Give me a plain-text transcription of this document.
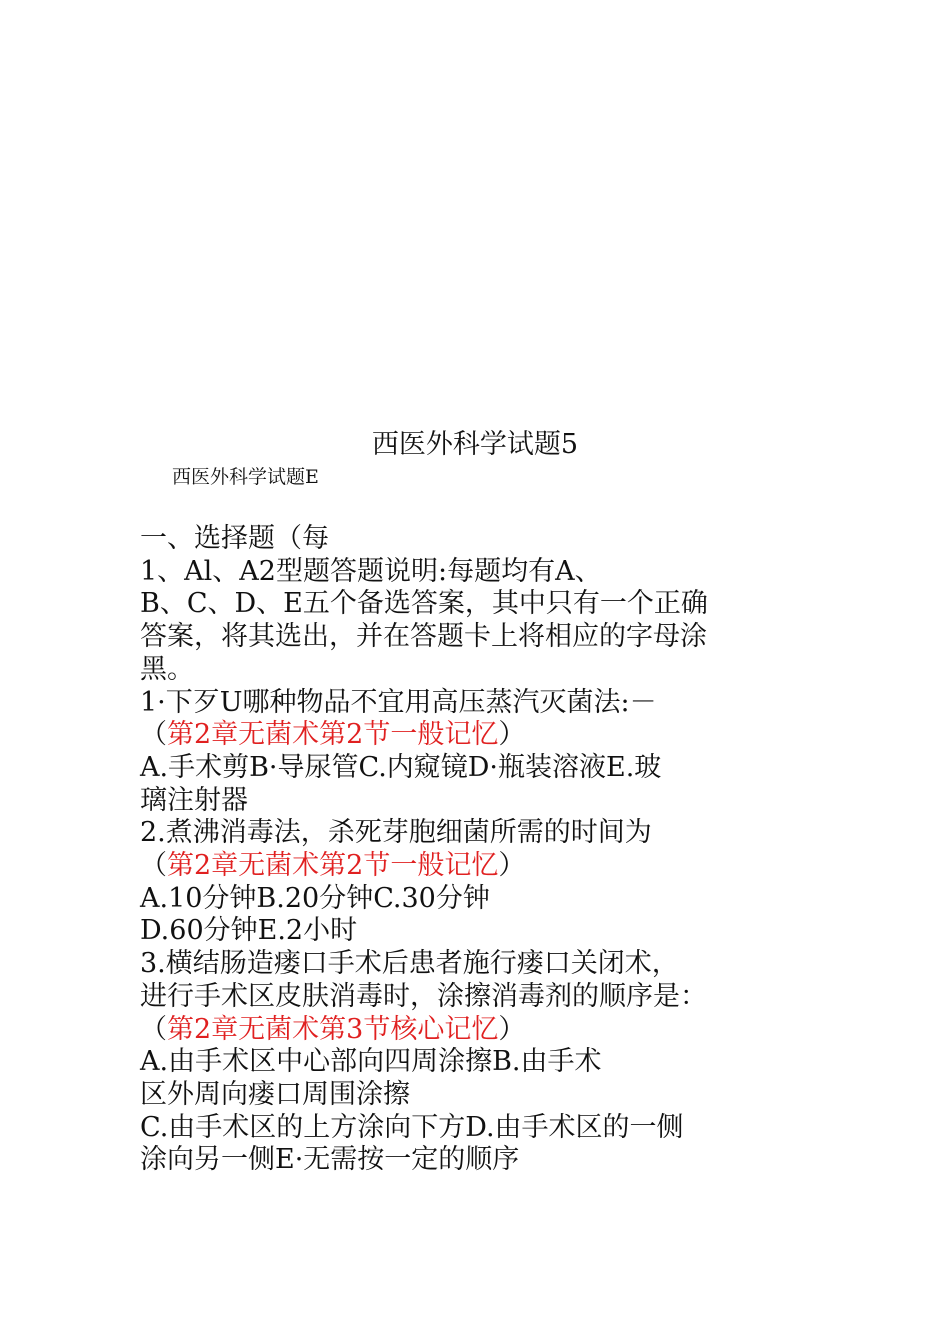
西医外科学试题5
西医外科学试题E
一、选择题（每
1、Al、A2型题答题说明:每题均有A、
B、C、D、E五个备选答案，其中只有一个正确
答案，将其选出，并在答题卡上将相应的字母涂
黑。
1·下歹U哪种物品不宜用高压蒸汽灭菌法:－
（第2章无菌术第2节一般记忆）
A.手术剪B·导尿管C.内窥镜D·瓶装溶液E.玻
璃注射器
2.煮沸消毒法，杀死芽胞细菌所需的时间为
（第2章无菌术第2节一般记忆）
A.10分钟B.20分钟C.30分钟
D.60分钟E.2小时
3.横结肠造瘘口手术后患者施行瘘口关闭术，
进行手术区皮肤消毒时，涂擦消毒剂的顺序是：
（第2章无菌术第3节核心记忆）
A.由手术区中心部向四周涂擦B.由手术
区外周向瘘口周围涂擦
C.由手术区的上方涂向下方D.由手术区的一侧
涂向另一侧E·无需按一定的顺序
